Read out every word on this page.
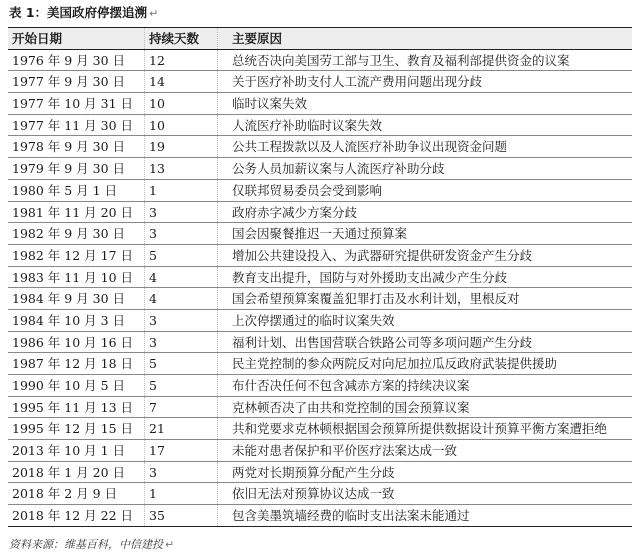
表 1：美国政府停摆追溯 ↵
开始日期	持续天数	主要原因
1976 年 9 月 30 日	12	总统否决向美国劳工部与卫生、教育及福利部提供资金的议案
1977 年 9 月 30 日	14	关于医疗补助支付人工流产费用问题出现分歧
1977 年 10 月 31 日	10	临时议案失效
1977 年 11 月 30 日	10	人流医疗补助临时议案失效
1978 年 9 月 30 日	19	公共工程拨款以及人流医疗补助争议出现资金问题
1979 年 9 月 30 日	13	公务人员加薪议案与人流医疗补助分歧
1980 年 5 月 1 日	1	仅联邦贸易委员会受到影响
1981 年 11 月 20 日	3	政府赤字减少方案分歧
1982 年 9 月 30 日	3	国会因聚餐推迟一天通过预算案
1982 年 12 月 17 日	5	增加公共建设投入、为武器研究提供研发资金产生分歧
1983 年 11 月 10 日	4	教育支出提升，国防与对外援助支出减少产生分歧
1984 年 9 月 30 日	4	国会希望预算案覆盖犯罪打击及水利计划，里根反对
1984 年 10 月 3 日	3	上次停摆通过的临时议案失效
1986 年 10 月 16 日	3	福利计划、出售国营联合铁路公司等多项问题产生分歧
1987 年 12 月 18 日	5	民主党控制的参众两院反对向尼加拉瓜反政府武装提供援助
1990 年 10 月 5 日	5	布什否决任何不包含减赤方案的持续决议案
1995 年 11 月 13 日	7	克林顿否决了由共和党控制的国会预算议案
1995 年 12 月 15 日	21	共和党要求克林顿根据国会预算所提供数据设计预算平衡方案遭拒绝
2013 年 10 月 1 日	17	未能对患者保护和平价医疗法案达成一致
2018 年 1 月 20 日	3	两党对长期预算分配产生分歧
2018 年 2 月 9 日	1	依旧无法对预算协议达成一致
2018 年 12 月 22 日	35	包含美墨筑墙经费的临时支出法案未能通过
资料来源：维基百科，中信建投 ↵
